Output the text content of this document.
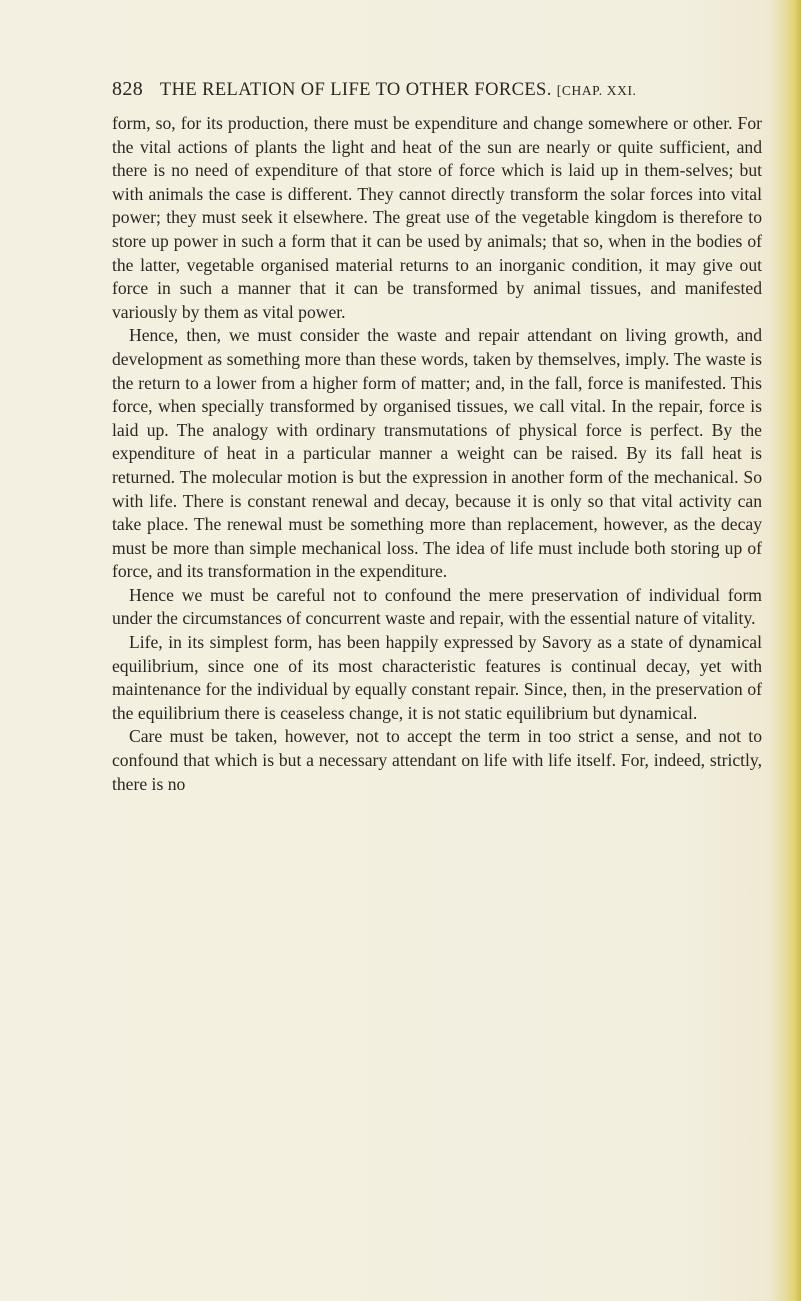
828 THE RELATION OF LIFE TO OTHER FORCES. [CHAP. XXI.

form, so, for its production, there must be expenditure and change somewhere or other. For the vital actions of plants the light and heat of the sun are nearly or quite sufficient, and there is no need of expenditure of that store of force which is laid up in them-selves; but with animals the case is different. They cannot directly transform the solar forces into vital power; they must seek it elsewhere. The great use of the vegetable kingdom is therefore to store up power in such a form that it can be used by animals; that so, when in the bodies of the latter, vegetable organised material returns to an inorganic condition, it may give out force in such a manner that it can be transformed by animal tissues, and manifested variously by them as vital power.

Hence, then, we must consider the waste and repair attendant on living growth, and development as something more than these words, taken by themselves, imply. The waste is the return to a lower from a higher form of matter; and, in the fall, force is manifested. This force, when specially transformed by organised tissues, we call vital. In the repair, force is laid up. The analogy with ordinary transmutations of physical force is perfect. By the expenditure of heat in a particular manner a weight can be raised. By its fall heat is returned. The molecular motion is but the expression in another form of the mechanical. So with life. There is constant renewal and decay, because it is only so that vital activity can take place. The renewal must be something more than replacement, however, as the decay must be more than simple mechanical loss. The idea of life must include both storing up of force, and its transformation in the expenditure.

Hence we must be careful not to confound the mere preservation of individual form under the circumstances of concurrent waste and repair, with the essential nature of vitality.

Life, in its simplest form, has been happily expressed by Savory as a state of dynamical equilibrium, since one of its most characteristic features is continual decay, yet with maintenance for the individual by equally constant repair. Since, then, in the preservation of the equilibrium there is ceaseless change, it is not static equilibrium but dynamical.

Care must be taken, however, not to accept the term in too strict a sense, and not to confound that which is but a necessary attendant on life with life itself. For, indeed, strictly, there is no
